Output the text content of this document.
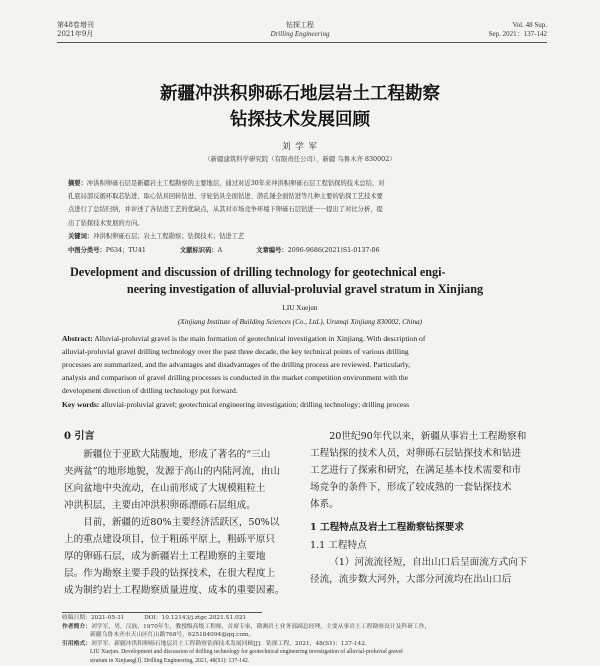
第48卷增刊
2021年9月
钻探工程
Drilling Engineering
Vol. 48 Sup.
Sep. 2021：137-142
新疆冲洪积卵砾石地层岩土工程勘察
钻探技术发展回顾
刘 学 军
（新疆建筑科学研究院（有限责任公司），新疆 乌鲁木齐 830002）
摘要：冲洪积卵砾石层是新疆岩土工程勘察的主要地层，通过对近30年来冲洪积卵砾石层工程钻探的技术总结，对
孔底局部反循环取芯钻进、取心钻具回转钻进、牙轮钻具全面钻进、潜孔锤全面钻进等几种主要的钻探工艺技术要
点进行了总结归纳，并评述了各钻进工艺的优缺点，从其对市场竞争环境下卵砾石层钻进一一提出了对比分析，提
出了钻探技术发展的方向。
关键词：冲洪积卵砾石层；岩土工程勘察；钻探技术；钻进工艺
中图分类号：P634；TU41	文献标识码：A	文章编号：2096-9686(2021)S1-0137-06
Development and discussion of drilling technology for geotechnical engi-
neering investigation of alluvial-proluvial gravel stratum in Xinjiang
LIU Xuejun
(Xinjiang Institute of Building Sciences (Co., Ltd.), Urumqi Xinjiang 830002, China)
Abstract: Alluvial-proluvial gravel is the main formation of geotechnical investigation in Xinjiang. With description of
alluvial-proluvial gravel drilling technology over the past three decade, the key technical points of various drilling
processes are summarized, and the advantages and disadvantages of the drilling process are reviewed. Particularly,
analysis and comparison of gravel drilling processes is conducted in the market competition environment with the
development direction of drilling technology put forward.
Key words: alluvial-proluvial gravel; geotechnical engineering investigation; drilling technology; drilling process
0 引言
新疆位于亚欧大陆腹地，形成了著名的“三山
夹两盆”的地形地貌，发源于高山的内陆河流，由山
区向盆地中央流动，在山前形成了大规模粗粒土
冲洪积层，主要由冲洪积卵砾漂砾石层组成。
目前，新疆的近80%主要经济活跃区，50%以
上的重点建设项目，位于粗砾平原上，粗砾平原只
厚的卵砾石层，成为新疆岩土工程勘察的主要地
层。作为勘察主要手段的钻探技术，在很大程度上
成为制约岩土工程勘察质量进度、成本的重要因素。
20世纪90年代以来，新疆从事岩土工程勘察和
工程钻探的技术人员，对卵砾石层钻探技术和钻进
工艺进行了探索和研究，在满足基本技术需要和市
场竞争的条件下，形成了较成熟的一套钻探技术
体系。
1 工程特点及岩土工程勘察钻探要求
1.1 工程特点
（1）河流流径短，自出山口后呈面流方式向下
径流，流步数大河外，大部分河流均在出山口后
收稿日期：2021-05-31	DOI：10.12143/j.ztgc.2021.S1.021
作者简介：刘学军，男，汉族，1970年生，教授级高级工程师，首席专家，勘测岩土业务部副总经理，主要从事岩土工程勘察设计及科研工作，
新疆乌鲁木齐市天山区红山路768号，625184094@qq.com。
引用格式：刘学军．新疆冲洪积卵砾石地层岩土工程勘察钻探技术发展回顾[J]．钻探工程，2021，48(S1)：137-142．
LIU Xuejun. Development and discussion of drilling technology for geotechnical engineering investigation of alluvial-proluvial gravel
stratum in Xinjiang[J]. Drilling Engineering, 2021, 48(S1): 137-142.
